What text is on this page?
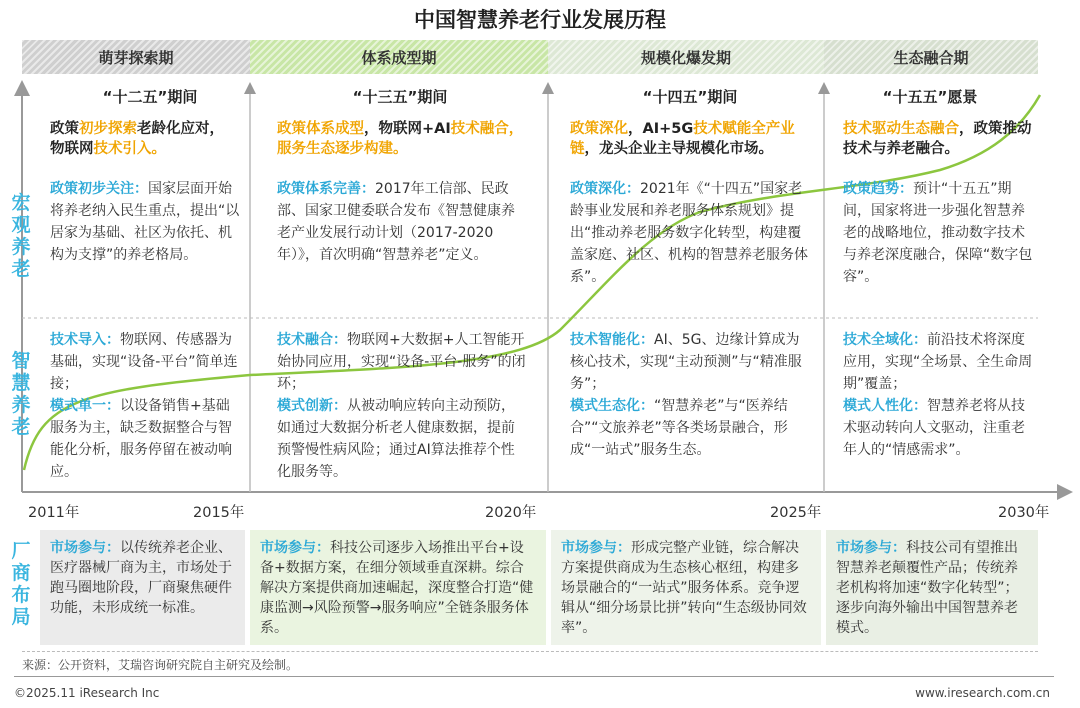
中国智慧养老行业发展历程
萌芽探索期	体系成型期	规模化爆发期	生态融合期
宏观养老
智慧养老
厂商布局
“十二五”期间	“十三五”期间	“十四五”期间	“十五五”愿景
政策初步探索老龄化应对，物联网技术引入。
政策体系成型，物联网+AI技术融合，服务生态逐步构建。
政策深化，AI+5G技术赋能全产业链，龙头企业主导规模化市场。
技术驱动生态融合，政策推动技术与养老融合。
政策初步关注：国家层面开始将养老纳入民生重点，提出“以居家为基础、社区为依托、机构为支撑”的养老格局。
政策体系完善：2017年工信部、民政部、国家卫健委联合发布《智慧健康养老产业发展行动计划（2017-2020年）》，首次明确“智慧养老”定义。
政策深化：2021年《“十四五”国家老龄事业发展和养老服务体系规划》提出“推动养老服务数字化转型，构建覆盖家庭、社区、机构的智慧养老服务体系”。
政策趋势：预计“十五五”期间，国家将进一步强化智慧养老的战略地位，推动数字技术与养老深度融合，保障“数字包容”。
技术导入：物联网、传感器为基础，实现“设备-平台”简单连接；
模式单一：以设备销售+基础服务为主，缺乏数据整合与智能化分析，服务停留在被动响应。
技术融合：物联网+大数据+人工智能开始协同应用，实现“设备-平台-服务”的闭环；
模式创新：从被动响应转向主动预防，如通过大数据分析老人健康数据，提前预警慢性病风险；通过AI算法推荐个性化服务等。
技术智能化：AI、5G、边缘计算成为核心技术，实现“主动预测”与“精准服务”；
模式生态化：“智慧养老”与“医养结合”“文旅养老”等各类场景融合，形成“一站式”服务生态。
技术全域化：前沿技术将深度应用，实现“全场景、全生命周期”覆盖；
模式人性化：智慧养老将从技术驱动转向人文驱动，注重老年人的“情感需求”。
2011年	2015年	2020年	2025年	2030年
市场参与：以传统养老企业、医疗器械厂商为主，市场处于跑马圈地阶段，厂商聚焦硬件功能，未形成统一标准。
市场参与：科技公司逐步入场推出平台+设备+数据方案，在细分领域垂直深耕。综合解决方案提供商加速崛起，深度整合打造“健康监测→风险预警→服务响应”全链条服务体系。
市场参与：形成完整产业链，综合解决方案提供商成为生态核心枢纽，构建多场景融合的“一站式”服务体系。竞争逻辑从“细分场景比拼”转向“生态级协同效率”。
市场参与：科技公司有望推出智慧养老颠覆性产品；传统养老机构将加速“数字化转型”；逐步向海外输出中国智慧养老模式。
来源：公开资料，艾瑞咨询研究院自主研究及绘制。
©2025.11 iResearch Inc	www.iresearch.com.cn
